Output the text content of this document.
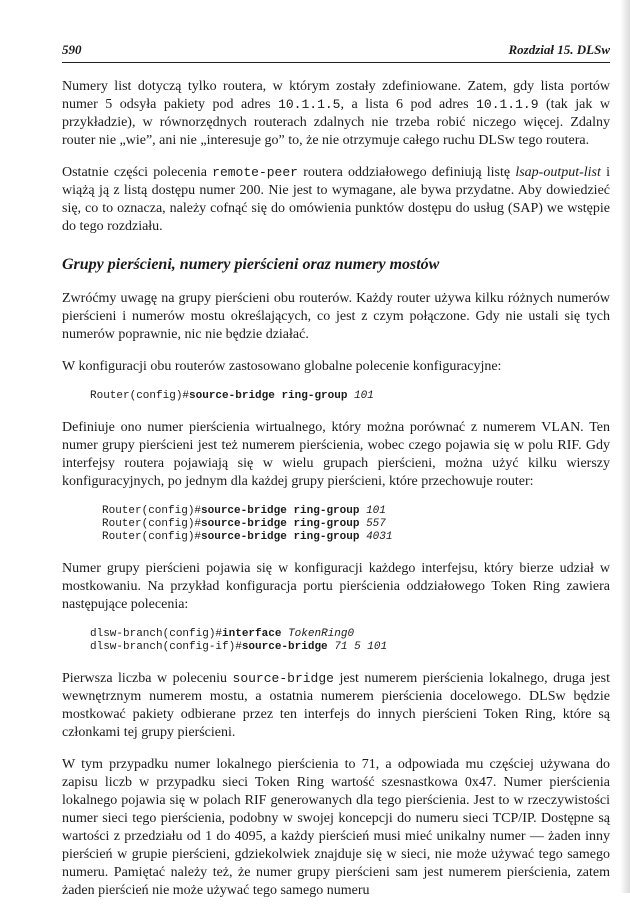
590	Rozdział 15. DLSw

Numery list dotyczą tylko routera, w którym zostały zdefiniowane. Zatem, gdy lista portów numer 5 odsyła pakiety pod adres 10.1.1.5, a lista 6 pod adres 10.1.1.9 (tak jak w przykładzie), w równorzędnych routerach zdalnych nie trzeba robić niczego więcej. Zdalny router nie „wie”, ani nie „interesuje go” to, że nie otrzymuje całego ruchu DLSw tego routera.

Ostatnie części polecenia remote-peer routera oddziałowego definiują listę lsap-output-list i wiążą ją z listą dostępu numer 200. Nie jest to wymagane, ale bywa przydatne. Aby dowiedzieć się, co to oznacza, należy cofnąć się do omówienia punktów dostępu do usług (SAP) we wstępie do tego rozdziału.

Grupy pierścieni, numery pierścieni oraz numery mostów

Zwróćmy uwagę na grupy pierścieni obu routerów. Każdy router używa kilku różnych numerów pierścieni i numerów mostu określających, co jest z czym połączone. Gdy nie ustali się tych numerów poprawnie, nic nie będzie działać.

W konfiguracji obu routerów zastosowano globalne polecenie konfiguracyjne:

Router(config)#source-bridge ring-group 101

Definiuje ono numer pierścienia wirtualnego, który można porównać z numerem VLAN. Ten numer grupy pierścieni jest też numerem pierścienia, wobec czego pojawia się w polu RIF. Gdy interfejsy routera pojawiają się w wielu grupach pierścieni, można użyć kilku wierszy konfiguracyjnych, po jednym dla każdej grupy pierścieni, które przechowuje router:

Router(config)#source-bridge ring-group 101
Router(config)#source-bridge ring-group 557
Router(config)#source-bridge ring-group 4031

Numer grupy pierścieni pojawia się w konfiguracji każdego interfejsu, który bierze udział w mostkowaniu. Na przykład konfiguracja portu pierścienia oddziałowego Token Ring zawiera następujące polecenia:

dlsw-branch(config)#interface TokenRing0
dlsw-branch(config-if)#source-bridge 71 5 101

Pierwsza liczba w poleceniu source-bridge jest numerem pierścienia lokalnego, druga jest wewnętrznym numerem mostu, a ostatnia numerem pierścienia docelowego. DLSw będzie mostkować pakiety odbierane przez ten interfejs do innych pierścieni Token Ring, które są członkami tej grupy pierścieni.

W tym przypadku numer lokalnego pierścienia to 71, a odpowiada mu częściej używana do zapisu liczb w przypadku sieci Token Ring wartość szesnastkowa 0x47. Numer pierścienia lokalnego pojawia się w polach RIF generowanych dla tego pierścienia. Jest to w rzeczywistości numer sieci tego pierścienia, podobny w swojej koncepcji do numeru sieci TCP/IP. Dostępne są wartości z przedziału od 1 do 4095, a każdy pierścień musi mieć unikalny numer — żaden inny pierścień w grupie pierścieni, gdziekolwiek znajduje się w sieci, nie może używać tego samego numeru. Pamiętać należy też, że numer grupy pierścieni sam jest numerem pierścienia, zatem żaden pierścień nie może używać tego samego numeru
